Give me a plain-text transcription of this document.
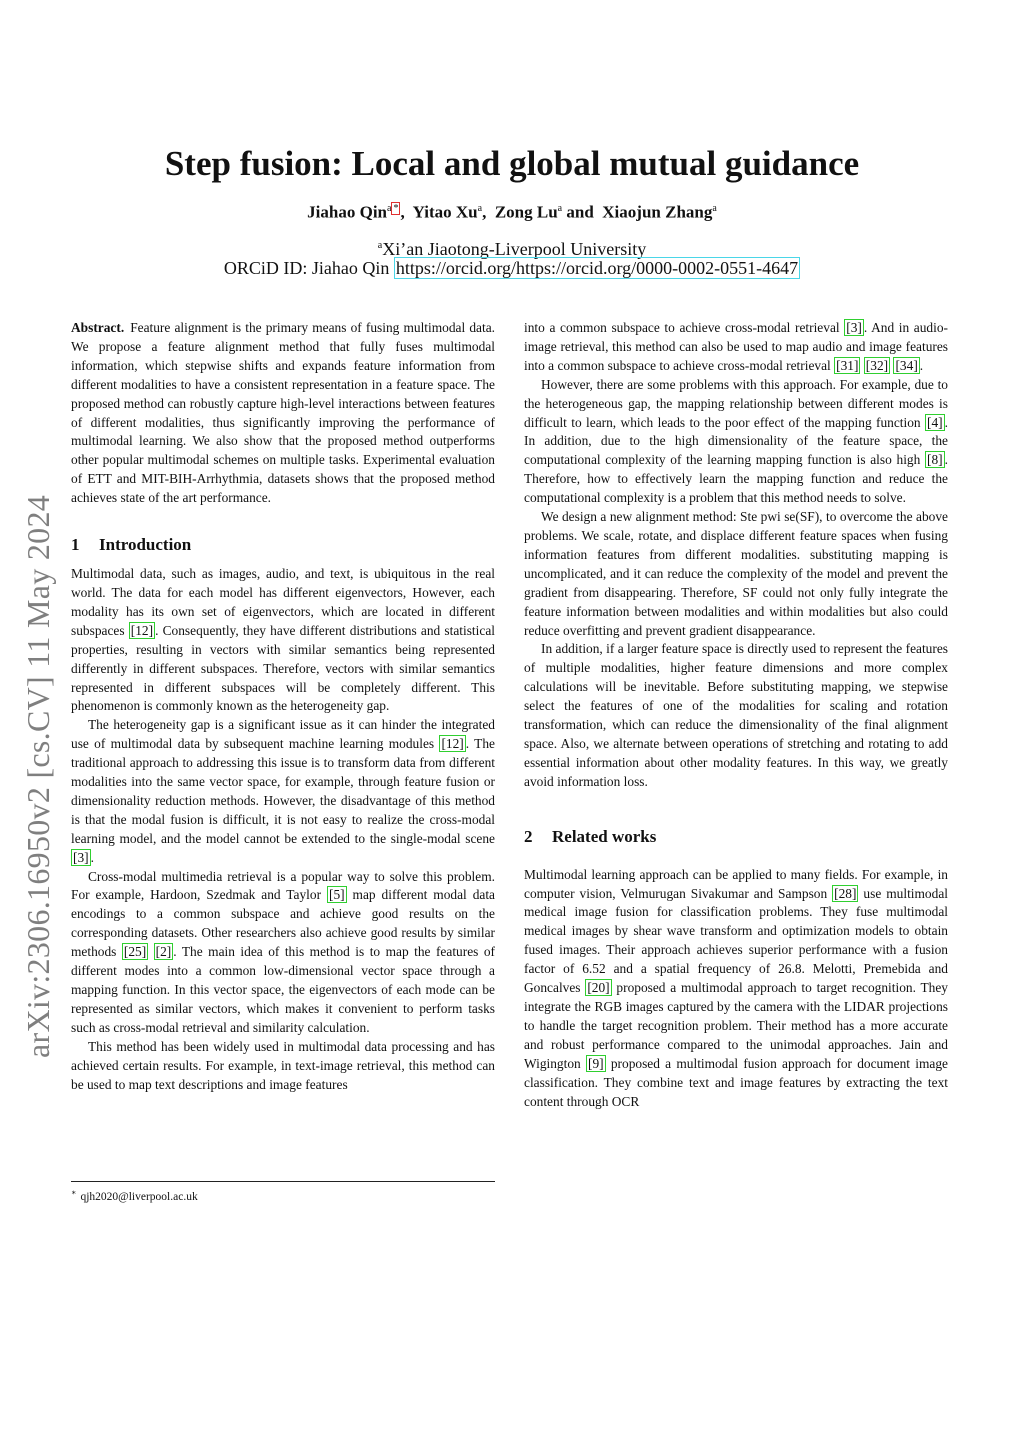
arXiv:2306.16950v2 [cs.CV] 11 May 2024
Step fusion: Local and global mutual guidance
Jiahao Qin$^a$ * ,  Yitao Xu$^a$,  Zong Lu$^a$ and Xiaojun Zhang$^a$
$^a$Xi’an Jiaotong-Liverpool University
ORCiD ID: Jiahao Qin https://orcid.org/https://orcid.org/0000-0002-0551-4647

Abstract. Feature alignment is the primary means of fusing multimodal data. We propose a feature alignment method that fully fuses multimodal information, which stepwise shifts and expands feature information from different modalities to have a consistent representation in a feature space. The proposed method can robustly capture high-level interactions between features of different modalities, thus significantly improving the performance of multimodal learning. We also show that the proposed method outperforms other popular multimodal schemes on multiple tasks. Experimental evaluation of ETT and MIT-BIH-Arrhythmia, datasets shows that the proposed method achieves state of the art performance.

1 Introduction

Multimodal data, such as images, audio, and text, is ubiquitous in the real world. The data for each model has different eigenvectors, However, each modality has its own set of eigenvectors, which are located in different subspaces [12] . Consequently, they have different distributions and statistical properties, resulting in vectors with similar semantics being represented differently in different subspaces. Therefore, vectors with similar semantics represented in different subspaces will be completely different. This phenomenon is commonly known as the heterogeneity gap.

The heterogeneity gap is a significant issue as it can hinder the integrated use of multimodal data by subsequent machine learning modules [12] . The traditional approach to addressing this issue is to transform data from different modalities into the same vector space, for example, through feature fusion or dimensionality reduction methods. However, the disadvantage of this method is that the modal fusion is difficult, it is not easy to realize the cross-modal learning model, and the model cannot be extended to the single-modal scene [3] .

Cross-modal multimedia retrieval is a popular way to solve this problem. For example, Hardoon, Szedmak and Taylor [5] map different modal data encodings to a common subspace and achieve good results on the corresponding datasets. Other researchers also achieve good results by similar methods [25] [2] . The main idea of this method is to map the features of different modes into a common low-dimensional vector space through a mapping function. In this vector space, the eigenvectors of each mode can be represented as similar vectors, which makes it convenient to perform tasks such as cross-modal retrieval and similarity calculation.

This method has been widely used in multimodal data processing and has achieved certain results. For example, in text-image retrieval, this method can be used to map text descriptions and image features

∗ qjh2020@liverpool.ac.uk

into a common subspace to achieve cross-modal retrieval [3] . And in audio-image retrieval, this method can also be used to map audio and image features into a common subspace to achieve cross-modal retrieval [31] [32] [34] .

However, there are some problems with this approach. For example, due to the heterogeneous gap, the mapping relationship between different modes is difficult to learn, which leads to the poor effect of the mapping function [4] . In addition, due to the high dimensionality of the feature space, the computational complexity of the learning mapping function is also high [8] . Therefore, how to effectively learn the mapping function and reduce the computational complexity is a problem that this method needs to solve.

We design a new alignment method: Ste pwi se(SF), to overcome the above problems. We scale, rotate, and displace different feature spaces when fusing information features from different modalities. substituting mapping is uncomplicated, and it can reduce the complexity of the model and prevent the gradient from disappearing. Therefore, SF could not only fully integrate the feature information between modalities and within modalities but also could reduce overfitting and prevent gradient disappearance.

In addition, if a larger feature space is directly used to represent the features of multiple modalities, higher feature dimensions and more complex calculations will be inevitable. Before substituting mapping, we stepwise select the features of one of the modalities for scaling and rotation transformation, which can reduce the dimensionality of the final alignment space. Also, we alternate between operations of stretching and rotating to add essential information about other modality features. In this way, we greatly avoid information loss.

2 Related works

Multimodal learning approach can be applied to many fields. For example, in computer vision, Velmurugan Sivakumar and Sampson [28] use multimodal medical image fusion for classification problems. They fuse multimodal medical images by shear wave transform and optimization models to obtain fused images. Their approach achieves superior performance with a fusion factor of 6.52 and a spatial frequency of 26.8. Melotti, Premebida and Goncalves [20] proposed a multimodal approach to target recognition. They integrate the RGB images captured by the camera with the LIDAR projections to handle the target recognition problem. Their method has a more accurate and robust performance compared to the unimodal approaches. Jain and Wigington [9] proposed a multimodal fusion approach for document image classification. They combine text and image features by extracting the text content through OCR
